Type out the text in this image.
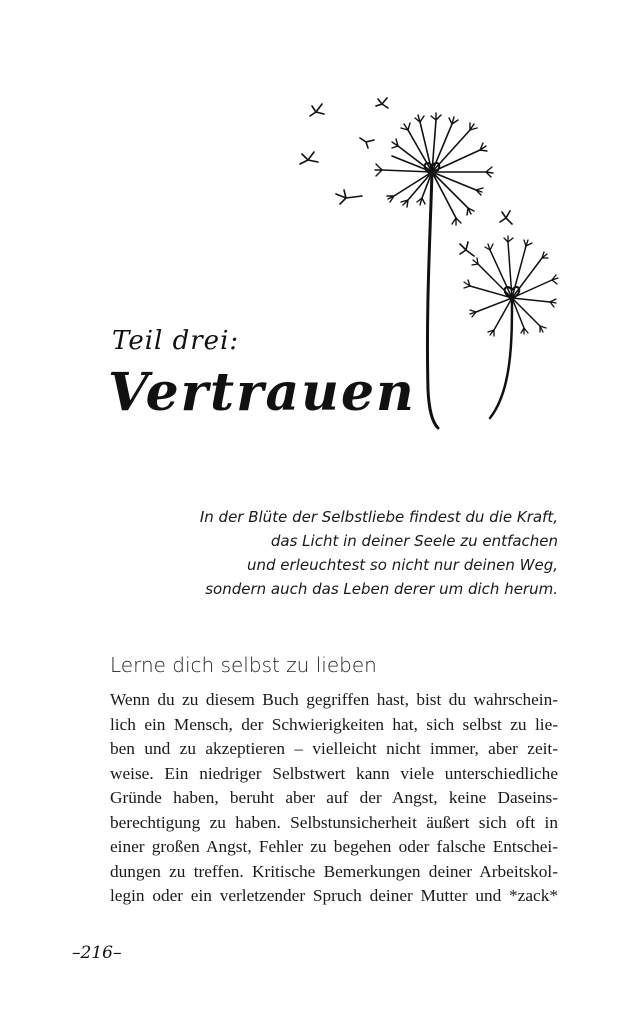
Teil drei:
Vertrauen
In der Blüte der Selbstliebe findest du die Kraft,
das Licht in deiner Seele zu entfachen
und erleuchtest so nicht nur deinen Weg,
sondern auch das Leben derer um dich herum.
Lerne dich selbst zu lieben
Wenn du zu diesem Buch gegriffen hast, bist du wahrschein-
lich ein Mensch, der Schwierigkeiten hat, sich selbst zu lie-
ben und zu akzeptieren – vielleicht nicht immer, aber zeit-
weise. Ein niedriger Selbstwert kann viele unterschiedliche
Gründe haben, beruht aber auf der Angst, keine Daseins-
berechtigung zu haben. Selbstunsicherheit äußert sich oft in
einer großen Angst, Fehler zu begehen oder falsche Entschei-
dungen zu treffen. Kritische Bemerkungen deiner Arbeitskol-
legin oder ein verletzender Spruch deiner Mutter und *zack*
–216–
